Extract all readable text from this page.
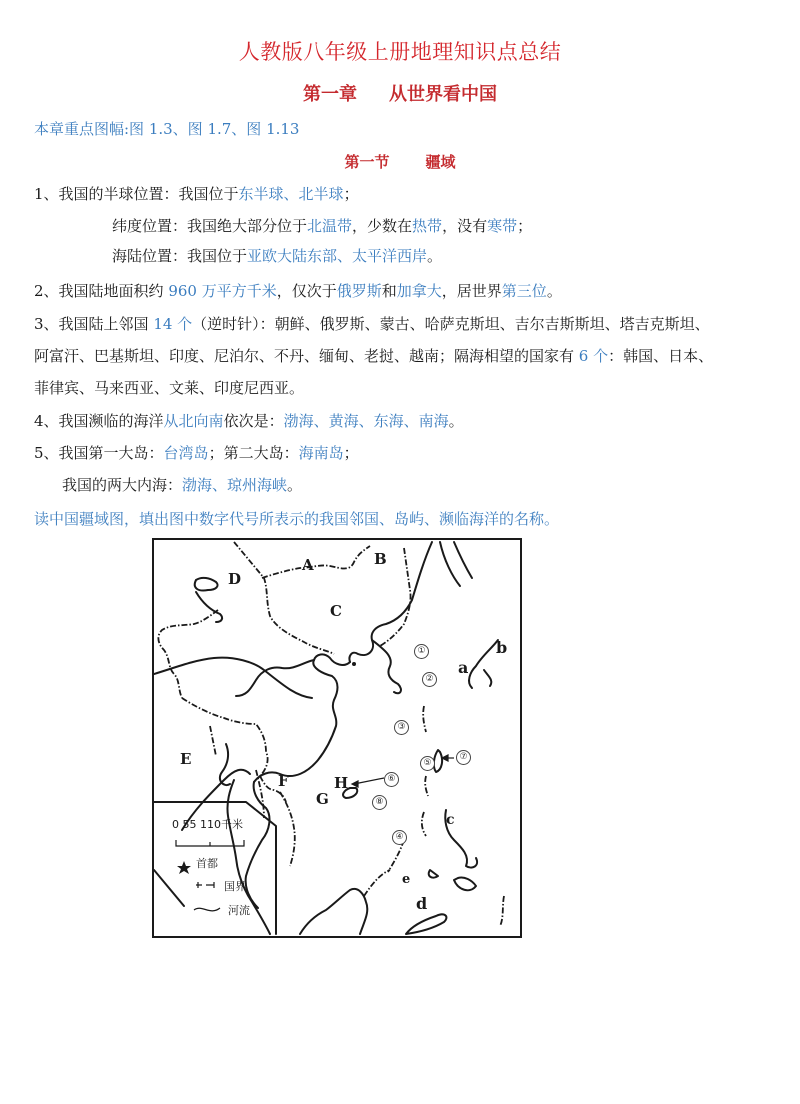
人教版八年级上册地理知识点总结
第一章 从世界看中国
本章重点图幅:图 1.3、图 1.7、图 1.13
第一节 疆域
1、我国的半球位置：我国位于东半球、北半球；
纬度位置：我国绝大部分位于北温带，少数在热带，没有寒带；
海陆位置：我国位于亚欧大陆东部、太平洋西岸。
2、我国陆地面积约 960 万平方千米，仅次于俄罗斯和加拿大，居世界第三位。
3、我国陆上邻国 14 个（逆时针）：朝鲜、俄罗斯、蒙古、哈萨克斯坦、吉尔吉斯斯坦、塔吉克斯坦、
阿富汗、巴基斯坦、印度、尼泊尔、不丹、缅甸、老挝、越南；隔海相望的国家有 6 个：韩国、日本、
菲律宾、马来西亚、文莱、印度尼西亚。
4、我国濒临的海洋从北向南依次是：渤海、黄海、东海、南海。
5、我国第一大岛：台湾岛；第二大岛：海南岛；
我国的两大内海：渤海、琼州海峡。
读中国疆域图，填出图中数字代号所表示的我国邻国、岛屿、濒临海洋的名称。
A	B
C
D
E
F
G
H
a
b
c
d
e
①
②
③
④
⑤
⑥
⑦
⑧
0 55 110千米
首都
国界
河流
